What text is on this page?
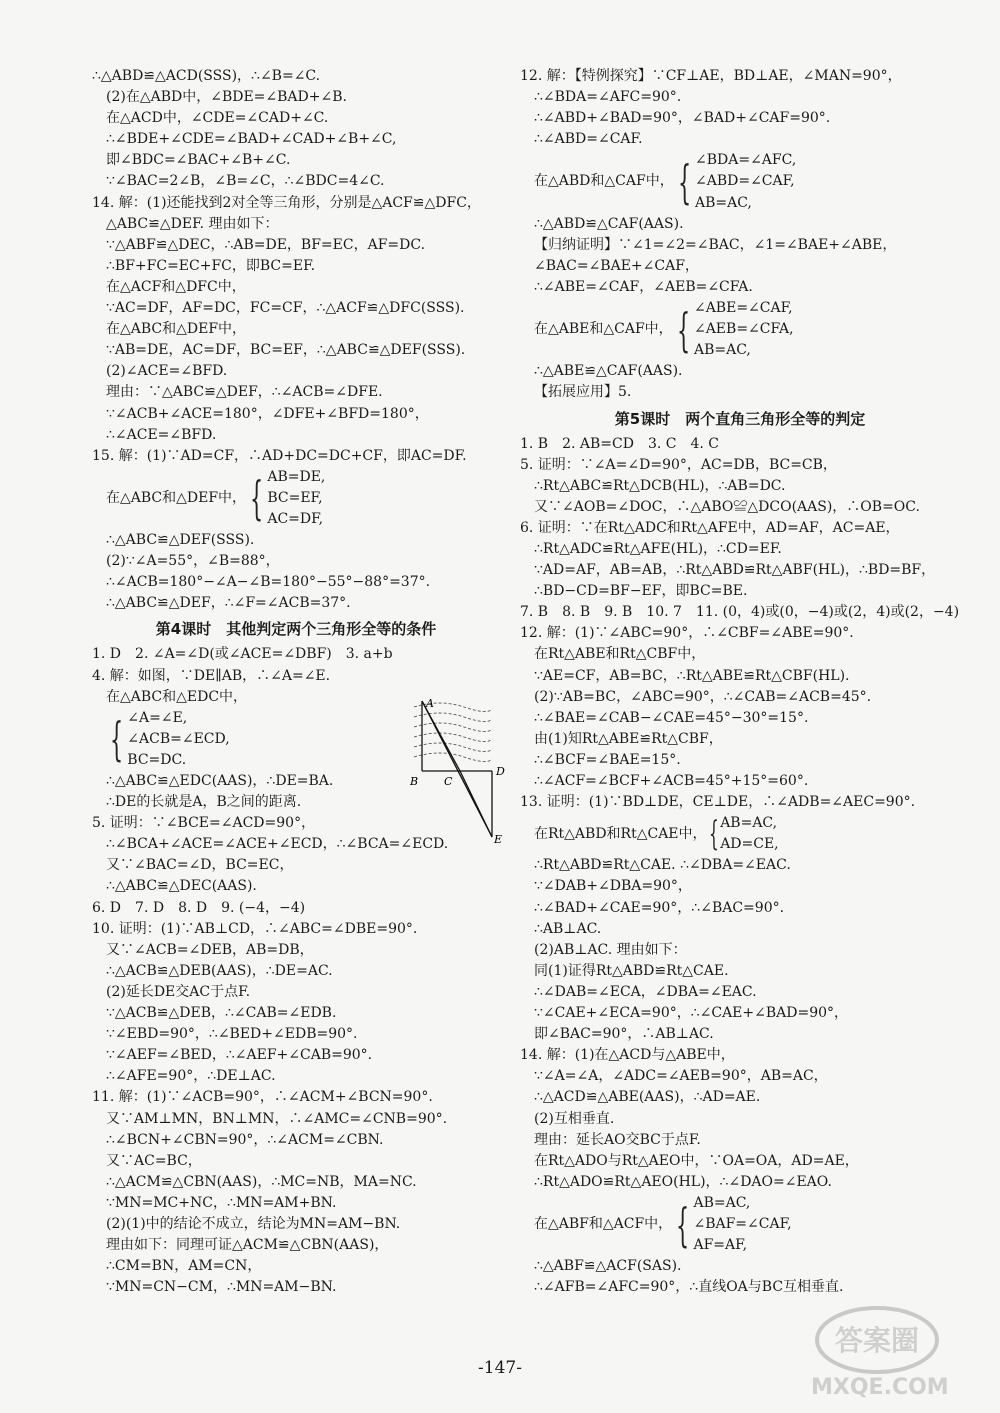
∴△ABD≌△ACD(SSS)，∴∠B=∠C.
(2)在△ABD中，∠BDE=∠BAD+∠B.
在△ACD中，∠CDE=∠CAD+∠C.
∴∠BDE+∠CDE=∠BAD+∠CAD+∠B+∠C,
即∠BDC=∠BAC+∠B+∠C.
∵∠BAC=2∠B，∠B=∠C，∴∠BDC=4∠C.
14. 解：(1)还能找到2对全等三角形，分别是△ACF≌△DFC，
△ABC≌△DEF. 理由如下：
∵△ABF≌△DEC，∴AB=DE，BF=EC，AF=DC.
∴BF+FC=EC+FC，即BC=EF.
在△ACF和△DFC中，
∵AC=DF，AF=DC，FC=CF，∴△ACF≌△DFC(SSS).
在△ABC和△DEF中，
∵AB=DE，AC=DF，BC=EF，∴△ABC≌△DEF(SSS).
(2)∠ACE=∠BFD.
理由：∵△ABC≌△DEF，∴∠ACB=∠DFE.
∵∠ACB+∠ACE=180°，∠DFE+∠BFD=180°，
∴∠ACE=∠BFD.
15. 解：(1)∵AD=CF，∴AD+DC=DC+CF，即AC=DF.
在△ABC和△DEF中， { AB=DE,
BC=EF,
AC=DF,
∴△ABC≌△DEF(SSS).
(2)∵∠A=55°，∠B=88°，
∴∠ACB=180°−∠A−∠B=180°−55°−88°=37°.
∴△ABC≌△DEF，∴∠F=∠ACB=37°.
第4课时　其他判定两个三角形全等的条件
1. D　2. ∠A=∠D(或∠ACE=∠DBF)　3. a+b
4. 解：如图，∵DE∥AB，∴∠A=∠E.
在△ABC和△EDC中，
{ ∠A=∠E,
∠ACB=∠ECD,
BC=DC.
∴△ABC≌△EDC(AAS)，∴DE=BA.
∴DE的长就是A，B之间的距离.
5. 证明：∵∠BCE=∠ACD=90°，
∴∠BCA+∠ACE=∠ACE+∠ECD，∴∠BCA=∠ECD.
又∵∠BAC=∠D，BC=EC，
∴△ABC≌△DEC(AAS).
6. D　7. D　8. D　9. (−4，−4)
10. 证明：(1)∵AB⊥CD，∴∠ABC=∠DBE=90°.
又∵∠ACB=∠DEB，AB=DB，
∴△ACB≌△DEB(AAS)，∴DE=AC.
(2)延长DE交AC于点F.
∵△ACB≌△DEB，∴∠CAB=∠EDB.
∵∠EBD=90°，∴∠BED+∠EDB=90°.
∵∠AEF=∠BED，∴∠AEF+∠CAB=90°.
∴∠AFE=90°，∴DE⊥AC.
11. 解：(1)∵∠ACB=90°，∴∠ACM+∠BCN=90°.
又∵AM⊥MN，BN⊥MN，∴∠AMC=∠CNB=90°.
∴∠BCN+∠CBN=90°，∴∠ACM=∠CBN.
又∵AC=BC，
∴△ACM≌△CBN(AAS)，∴MC=NB，MA=NC.
∵MN=MC+NC，∴MN=AM+BN.
(2)(1)中的结论不成立，结论为MN=AM−BN.
理由如下：同理可证△ACM≌△CBN(AAS)，
∴CM=BN，AM=CN，
∵MN=CN−CM，∴MN=AM−BN.
12. 解：【特例探究】∵CF⊥AE，BD⊥AE，∠MAN=90°，
∴∠BDA=∠AFC=90°.
∴∠ABD+∠BAD=90°，∠BAD+∠CAF=90°.
∴∠ABD=∠CAF.
在△ABD和△CAF中， { ∠BDA=∠AFC,
∠ABD=∠CAF,
AB=AC,
∴△ABD≌△CAF(AAS).
【归纳证明】∵∠1=∠2=∠BAC，∠1=∠BAE+∠ABE，
∠BAC=∠BAE+∠CAF，
∴∠ABE=∠CAF，∠AEB=∠CFA.
在△ABE和△CAF中， { ∠ABE=∠CAF,
∠AEB=∠CFA,
AB=AC,
∴△ABE≌△CAF(AAS).
【拓展应用】5.
第5课时　两个直角三角形全等的判定
1. B　2. AB=CD　3. C　4. C
5. 证明：∵∠A=∠D=90°，AC=DB，BC=CB，
∴Rt△ABC≌Rt△DCB(HL)，∴AB=DC.
又∵∠AOB=∠DOC，∴△ABO≌△DCO(AAS)，∴OB=OC.
6. 证明：∵在Rt△ADC和Rt△AFE中，AD=AF，AC=AE，
∴Rt△ADC≌Rt△AFE(HL)，∴CD=EF.
∵AD=AF，AB=AB，∴Rt△ABD≌Rt△ABF(HL)，∴BD=BF，
∴BD−CD=BF−EF，即BC=BE.
7. B　8. B　9. B　10. 7　11. (0，4)或(0，−4)或(2，4)或(2，−4)
12. 解：(1)∵∠ABC=90°，∴∠CBF=∠ABE=90°.
在Rt△ABE和Rt△CBF中，
∵AE=CF，AB=BC，∴Rt△ABE≌Rt△CBF(HL).
(2)∵AB=BC，∠ABC=90°，∴∠CAB=∠ACB=45°.
∴∠BAE=∠CAB−∠CAE=45°−30°=15°.
由(1)知Rt△ABE≌Rt△CBF，
∴∠BCF=∠BAE=15°.
∴∠ACF=∠BCF+∠ACB=45°+15°=60°.
13. 证明：(1)∵BD⊥DE，CE⊥DE，∴∠ADB=∠AEC=90°.
在Rt△ABD和Rt△CAE中， { AB=AC,
AD=CE,
∴Rt△ABD≌Rt△CAE. ∴∠DBA=∠EAC.
∵∠DAB+∠DBA=90°，
∴∠BAD+∠CAE=90°，∴∠BAC=90°.
∴AB⊥AC.
(2)AB⊥AC. 理由如下：
同(1)证得Rt△ABD≌Rt△CAE.
∴∠DAB=∠ECA，∠DBA=∠EAC.
∵∠CAE+∠ECA=90°，∴∠CAE+∠BAD=90°，
即∠BAC=90°，∴AB⊥AC.
14. 解：(1)在△ACD与△ABE中，
∵∠A=∠A，∠ADC=∠AEB=90°，AB=AC，
∴△ACD≌△ABE(AAS)，∴AD=AE.
(2)互相垂直.
理由：延长AO交BC于点F.
在Rt△ADO与Rt△AEO中，∵OA=OA，AD=AE，
∴Rt△ADO≌Rt△AEO(HL)，∴∠DAO=∠EAO.
在△ABF和△ACF中， { AB=AC,
∠BAF=∠CAF,
AF=AF,
∴△ABF≌△ACF(SAS).
∴∠AFB=∠AFC=90°，∴直线OA与BC互相垂直.
A
B C
D
E
-147-
答案圈
MXQE.COM
